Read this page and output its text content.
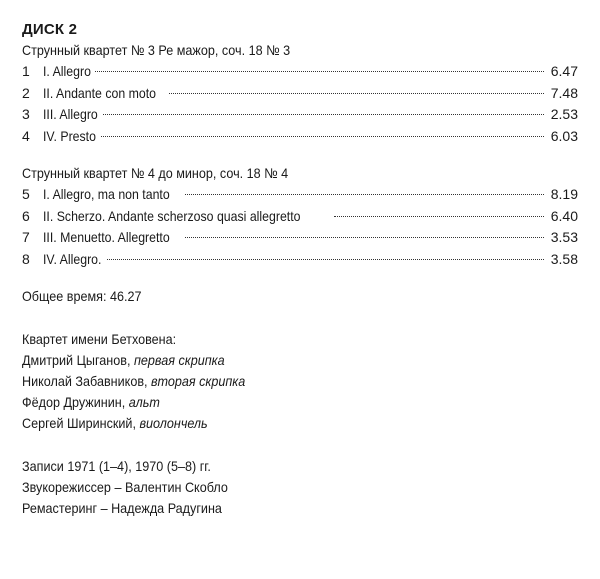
ДИСК 2

Струнный квартет № 3 Ре мажор, соч. 18 № 3

1 I. Allegro	6.47
2 II. Andante con moto	7.48
3 III. Allegro	2.53
4 IV. Presto	6.03

Струнный квартет № 4 до минор, соч. 18 № 4

5 I. Allegro, ma non tanto	8.19
6 II. Scherzo. Andante scherzoso quasi allegretto	6.40
7 III. Menuetto. Allegretto	3.53
8 IV. Allegro.	3.58

Общее время: 46.27

Квартет имени Бетховена:

Дмитрий Цыганов, первая скрипка

Николай Забавников, вторая скрипка

Фёдор Дружинин, альт

Сергей Ширинский, виолончель

Записи 1971 (1–4), 1970 (5–8) гг.

Звукорежиссер – Валентин Скобло

Ремастеринг – Надежда Радугина
